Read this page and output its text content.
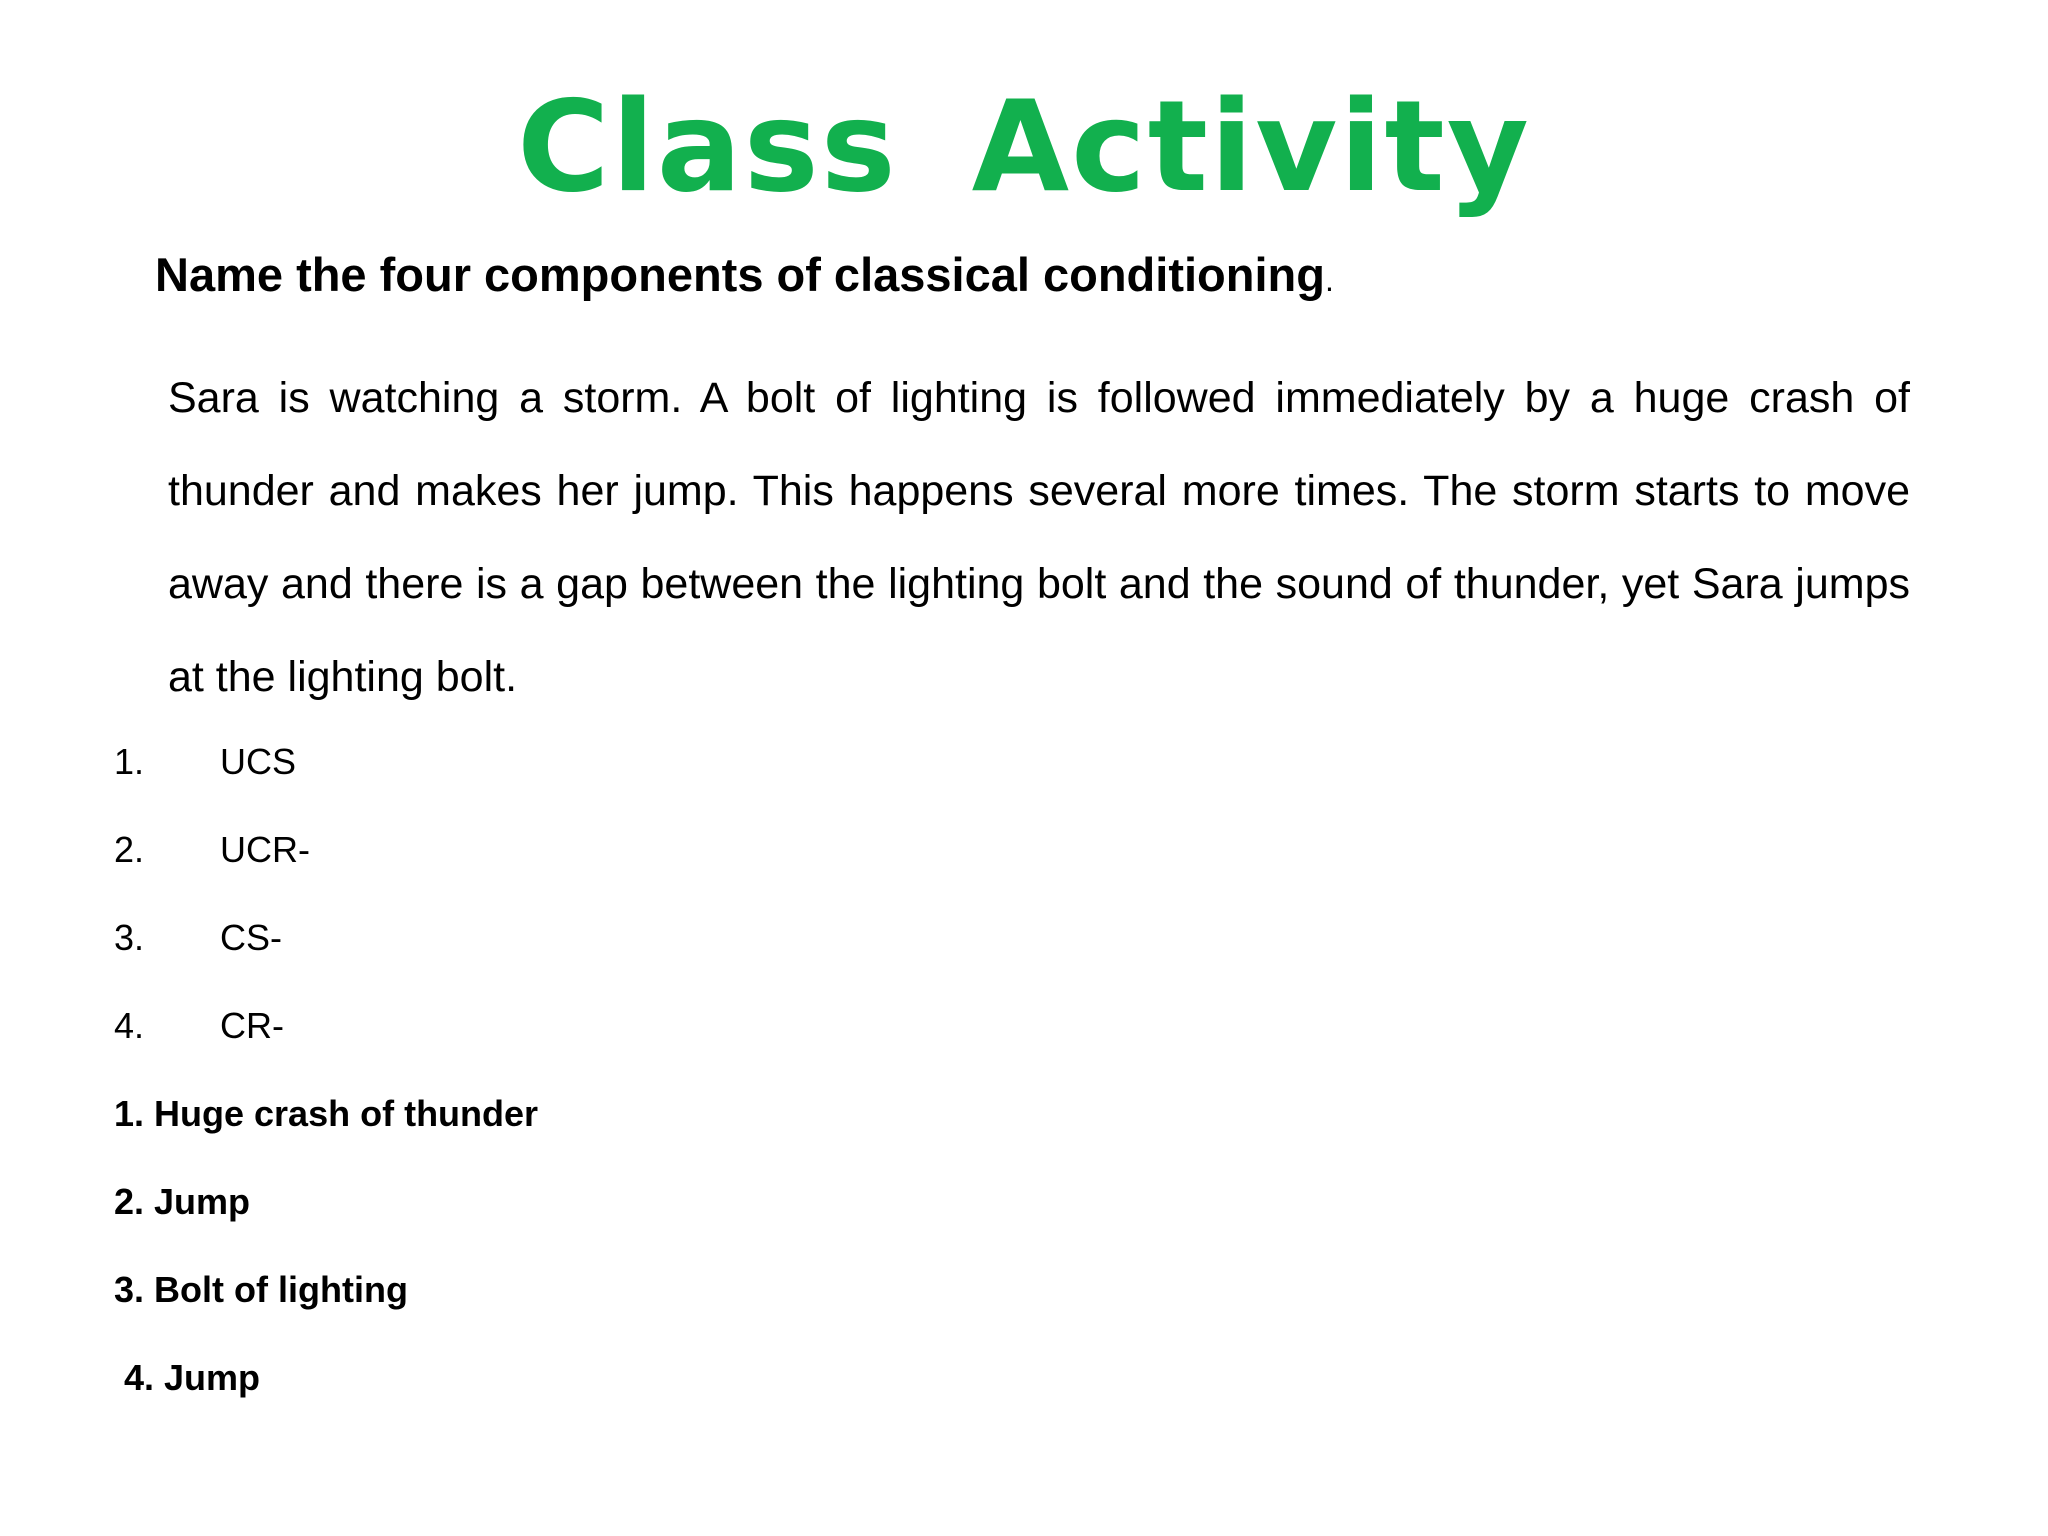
Class Activity
Name the four components of classical conditioning.
Sara is watching a storm. A bolt of lighting is followed immediately by a huge crash of thunder and makes her jump. This happens several more times. The storm starts to move away and there is a gap between the lighting bolt and the sound of thunder, yet Sara jumps at the lighting bolt.
1. UCS
2. UCR-
3. CS-
4. CR-
1. Huge crash of thunder
2. Jump
3. Bolt of lighting
4. Jump
